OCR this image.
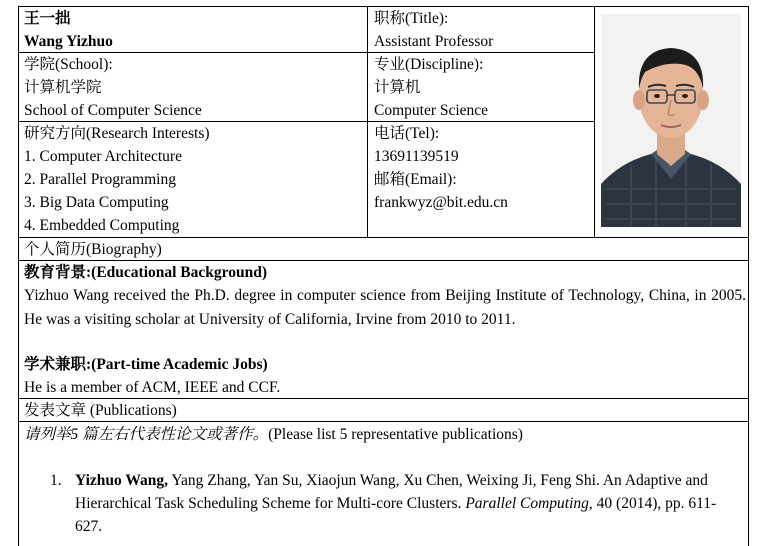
王一拙
Wang Yizhuo
职称(Title):
Assistant Professor
学院(School):
计算机学院
School of Computer Science
专业(Discipline):
计算机
Computer Science
研究方向(Research Interests)
1. Computer Architecture
2. Parallel Programming
3. Big Data Computing
4. Embedded Computing
电话(Tel):
13691139519
邮箱(Email):
frankwyz@bit.edu.cn
个人简历(Biography)
教育背景:(Educational Background)
Yizhuo Wang received the Ph.D. degree in computer science from Beijing Institute of Technology, China, in 2005. He was a visiting scholar at University of California, Irvine from 2010 to 2011.
学术兼职:(Part-time Academic Jobs)
He is a member of ACM, IEEE and CCF.
发表文章 (Publications)
请列举5 篇左右代表性论文或著作。(Please list 5 representative publications)
1. Yizhuo Wang, Yang Zhang, Yan Su, Xiaojun Wang, Xu Chen, Weixing Ji, Feng Shi. An Adaptive and Hierarchical Task Scheduling Scheme for Multi-core Clusters. Parallel Computing, 40 (2014), pp. 611-627.
